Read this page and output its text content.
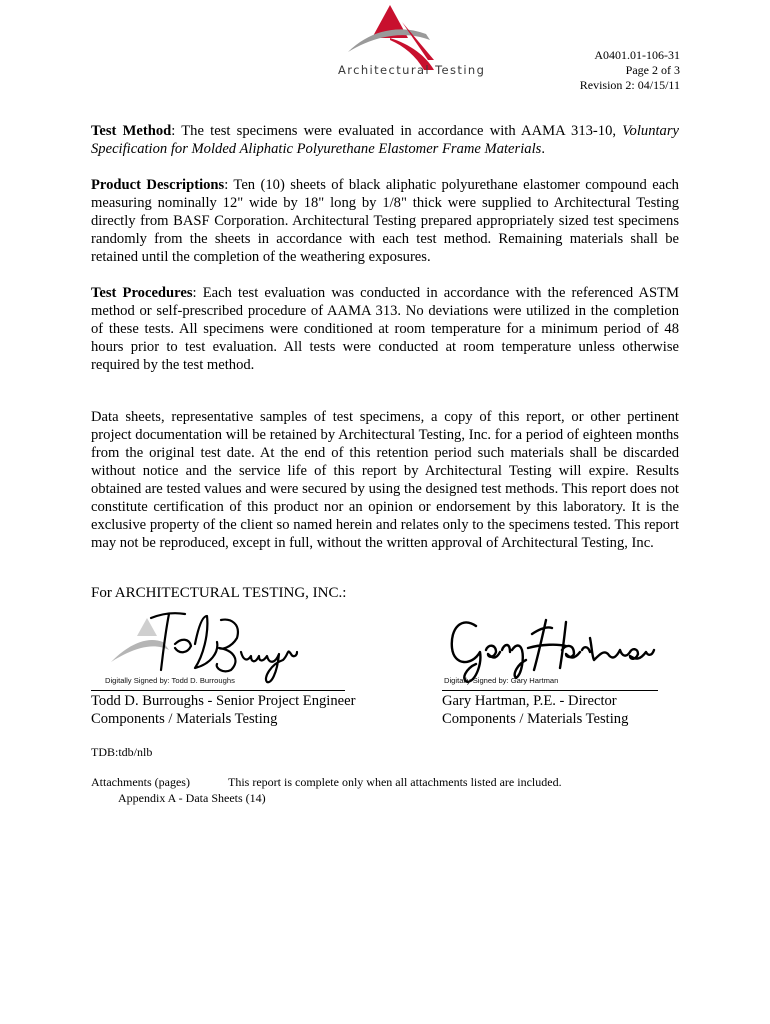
Architectural Testing
A0401.01-106-31
Page 2 of 3
Revision 2: 04/15/11

Test Method: The test specimens were evaluated in accordance with AAMA 313-10, Voluntary Specification for Molded Aliphatic Polyurethane Elastomer Frame Materials.

Product Descriptions: Ten (10) sheets of black aliphatic polyurethane elastomer compound each measuring nominally 12" wide by 18" long by 1/8" thick were supplied to Architectural Testing directly from BASF Corporation. Architectural Testing prepared appropriately sized test specimens randomly from the sheets in accordance with each test method. Remaining materials shall be retained until the completion of the weathering exposures.

Test Procedures: Each test evaluation was conducted in accordance with the referenced ASTM method or self-prescribed procedure of AAMA 313. No deviations were utilized in the completion of these tests. All specimens were conditioned at room temperature for a minimum period of 48 hours prior to test evaluation. All tests were conducted at room temperature unless otherwise required by the test method.

Data sheets, representative samples of test specimens, a copy of this report, or other pertinent project documentation will be retained by Architectural Testing, Inc. for a period of eighteen months from the original test date. At the end of this retention period such materials shall be discarded without notice and the service life of this report by Architectural Testing will expire. Results obtained are tested values and were secured by using the designed test methods. This report does not constitute certification of this product nor an opinion or endorsement by this laboratory. It is the exclusive property of the client so named herein and relates only to the specimens tested. This report may not be reproduced, except in full, without the written approval of Architectural Testing, Inc.

For ARCHITECTURAL TESTING, INC.:
Digitally Signed by: Todd D. Burroughs	Digitally Signed by: Gary Hartman
Todd D. Burroughs - Senior Project Engineer
Components / Materials Testing
Gary Hartman, P.E. - Director
Components / Materials Testing
TDB:tdb/nlb
Attachments (pages)	This report is complete only when all attachments listed are included.
Appendix A - Data Sheets (14)
